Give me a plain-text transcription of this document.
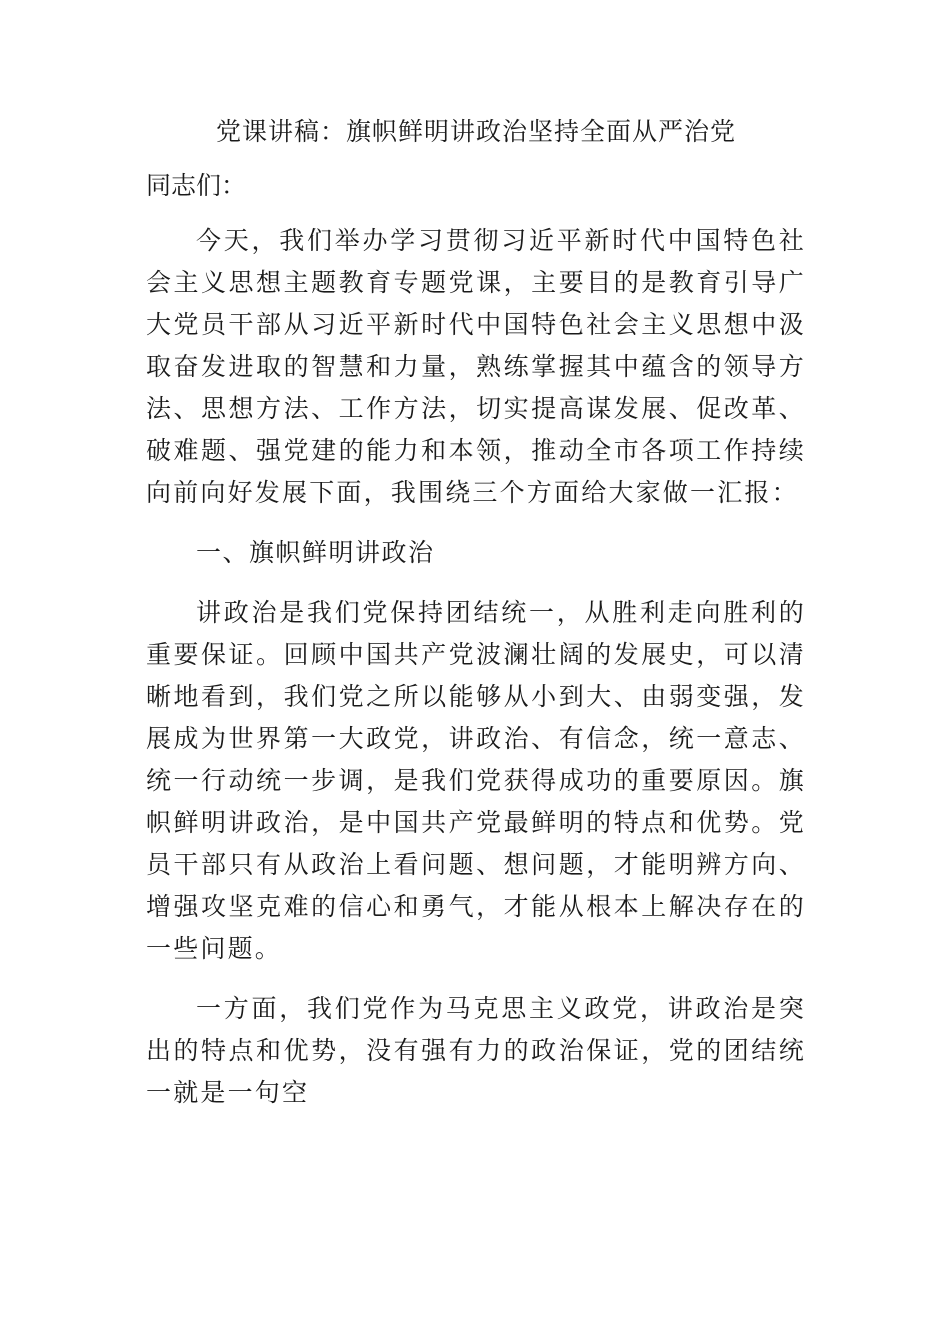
党课讲稿：旗帜鲜明讲政治坚持全面从严治党

同志们：

今天，我们举办学习贯彻习近平新时代中国特色社会主义思想主题教育专题党课，主要目的是教育引导广大党员干部从习近平新时代中国特色社会主义思想中汲取奋发进取的智慧和力量，熟练掌握其中蕴含的领导方法、思想方法、工作方法，切实提高谋发展、促改革、破难题、强党建的能力和本领，推动全市各项工作持续向前向好发展下面，我围绕三个方面给大家做一汇报：

一、旗帜鲜明讲政治

讲政治是我们党保持团结统一，从胜利走向胜利的重要保证。回顾中国共产党波澜壮阔的发展史，可以清晰地看到，我们党之所以能够从小到大、由弱变强，发展成为世界第一大政党，讲政治、有信念，统一意志、统一行动统一步调，是我们党获得成功的重要原因。旗帜鲜明讲政治，是中国共产党最鲜明的特点和优势。党员干部只有从政治上看问题、想问题，才能明辨方向、增强攻坚克难的信心和勇气，才能从根本上解决存在的一些问题。

一方面，我们党作为马克思主义政党，讲政治是突出的特点和优势，没有强有力的政治保证，党的团结统一就是一句空
